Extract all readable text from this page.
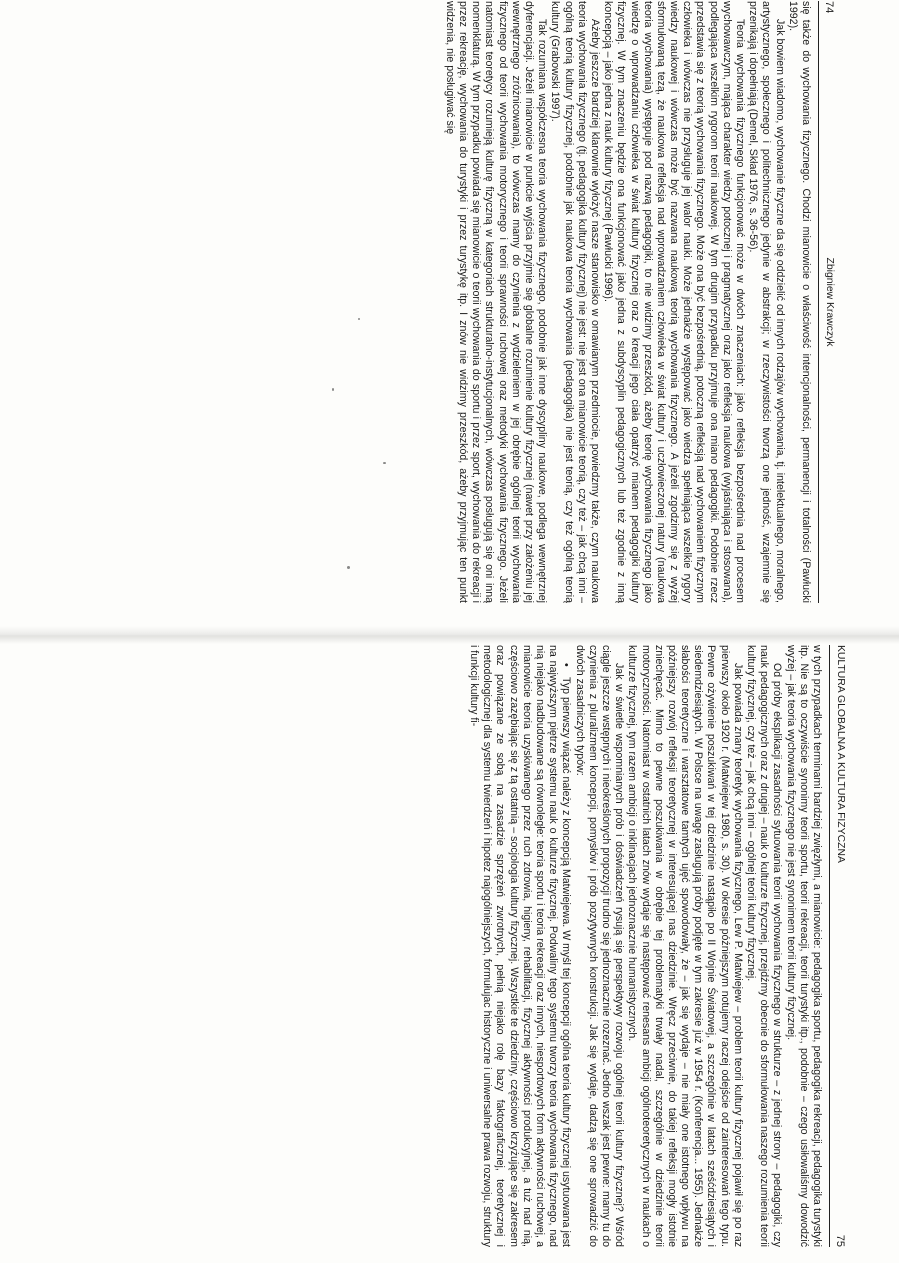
74
Zbigniew Krawczyk

się także do wychowania fizycznego. Chodzi mianowicie o właściwość intencjonalności, permanencji i totalności (Pawłucki 1992).

Jak bowiem wiadomo, wychowanie fizyczne da się oddzielić od innych rodzajów wychowania, tj. intelektualnego, moralnego, artystycznego, społecznego i politechnicznego jedynie w abstrakcji; w rzeczywistości tworzą one jedność, wzajemnie się przenikają i dopełniają (Demel, Skład 1976, s. 36-56).

Teoria wychowania fizycznego funkcjonować może w dwóch znaczeniach: jako refleksja bezpośrednia nad procesem wychowawczym, mająca charakter wiedzy potocznej i pragmatycznej oraz jako refleksja naukowa (wyjaśniająca i stosowana), podlegająca wszelkim rygorom teorii naukowej. W tym drugim przypadku przyjmuje ona miano pedagogiki. Podobnie rzecz przedstawia się z teorią wychowania fizycznego. Może ona być bezpośrednią, potoczną refleksją nad wychowaniem fizycznym człowieka i wówczas nie przysługuje jej walor nauki. Może jednakże występować jako wiedza spełniająca wszelkie rygory wiedzy naukowej i wówczas może być nazwana naukową teorią wychowania fizycznego. A jeżeli zgodzimy się z wyżej sformułowaną tezą, że naukowa refleksja nad wprowadzaniem człowieka w świat kultury i uczłowieczonej natury (naukowa teoria wychowania) występuje pod nazwą pedagogiki, to nie widzimy przeszkód, ażeby teorię wychowania fizycznego jako wiedzę o wprowadzaniu człowieka w świat kultury fizycznej oraz o kreacji jego ciała opatrzyć mianem pedagogiki kultury fizycznej. W tym znaczeniu będzie ona funkcjonować jako jedna z subdyscyplin pedagogicznych lub też zgodnie z inną koncepcją – jako jedna z nauk kultury fizycznej (Pawłucki 1996).

Ażeby jeszcze bardziej klarownie wyłożyć nasze stanowisko w omawianym przedmiocie, powiedzmy także, czym naukowa teoria wychowania fizycznego (tj. pedagogika kultury fizycznej) nie jest: nie jest ona mianowicie teorią, czy też – jak chcą inni – ogólną teorią kultury fizycznej, podobnie jak naukowa teoria wychowania (pedagogika) nie jest teorią, czy też ogólną teorią kultury (Grabowski 1997).

Tak rozumiana współczesna teoria wychowania fizycznego, podobnie jak inne dyscypliny naukowe, podlega wewnętrznej dyferencjacji. Jeżeli mianowicie w punkcie wyjścia przyjmie się globalne rozumienie kultury fizycznej (nawet przy założeniu jej wewnętrznego zróżnicowania), to wówczas mamy do czynienia z wydzieleniem w jej obrębie ogólnej teorii wychowania fizycznego od teorii wychowania motorycznego i teorii sprawności ruchowej oraz metodyki wychowania fizycznego. Jeżeli natomiast teoretycy rozumieją kulturę fizyczną w kategoriach strukturalno-instytucjonalnych, wówczas posługują się oni inną nomenklaturą. W tym przypadku powiada się mianowicie o teorii wychowania do sportu i przez sport, wychowania do rekreacji i przez rekreację, wychowania do turystyki i przez turystykę itp. I znów nie widzimy przeszkód, ażeby przyjmując ten punkt widzenia, nie posługiwać się

KULTURA GLOBALNA A KULTURA FIZYCZNA
75

w tych przypadkach terminami bardziej zwięzłymi, a mianowicie: pedagogika sportu, pedagogika rekreacji, pedagogika turystyki itp. Nie są to oczywiście synonimy teorii sportu, teorii rekreacji, teorii turystyki itp., podobnie – czego usiłowaliśmy dowodzić wyżej – jak teoria wychowania fizycznego nie jest synonimem teorii kultury fizycznej.

Od próby eksplikacji zasadności sytuowania teorii wychowania fizycznego w strukturze – z jednej strony – pedagogiki, czy nauk pedagogicznych oraz z drugiej – nauk o kulturze fizycznej, przejdźmy obecnie do sformułowania naszego rozumienia teorii kultury fizycznej, czy też – jak chcą inni – ogólnej teorii kultury fizycznej.

Jak powiada znany teoretyk wychowania fizycznego, Lew P. Matwiejew – problem teorii kultury fizycznej pojawił się po raz pierwszy około 1920 r. (Matwiejew 1980, s. 30). W okresie późniejszym notujemy raczej odejście od zainteresowań tego typu. Pewne ożywienie poszukiwań w tej dziedzinie nastąpiło po II Wojnie Światowej, a szczególnie w latach sześćdziesiątych i siedemdziesiątych. W Polsce na uwagę zasługują próby podjęte w tym zakresie już w 1954 r. (Konferencja... 1955). Jednakże słabości teoretyczne i warsztatowe tamtych ujęć spowodowały, że – jak się wydaje – nie miały one istotnego wpływu na późniejszy rozwój refleksji teoretycznej w interesującej nas dziedzinie. Wręcz przeciwnie, do takiej refleksji mogły istotnie zniechęcać. Mimo to pewne poszukiwania w obrębie tej problematyki trwały nadal, szczególnie w dziedzinie teorii motoryczności. Natomiast w ostatnich latach znów wydaje się następować renesans ambicji ogólnoteoretycznych w naukach o kulturze fizycznej, tym razem ambicji o inklinacjach jednoznacznie humanistycznych.

Jak w świetle wspomnianych prób i doświadczeń rysują się perspektywy rozwoju ogólnej teorii kultury fizycznej? Wśród ciągle jeszcze wstępnych i nieokreślonych propozycji trudno się jednoznacznie rozeznać. Jedno wszak jest pewne: mamy tu do czynienia z pluralizmem koncepcji, pomysłów i prób pozytywnych konstrukcji. Jak się wydaje, dadzą się one sprowadzić do dwóch zasadniczych typów:

•Typ pierwszy wiązać należy z koncepcją Matwiejewa. W myśl tej koncepcji ogólna teoria kultury fizycznej usytuowana jest na najwyższym piętrze systemu nauk o kulturze fizycznej. Podwaliny tego systemu tworzy teoria wychowania fizycznego, nad nią niejako nadbudowane są równoległe: teoria sportu i teoria rekreacji oraz innych, niesportowych form aktywności ruchowej, a mianowicie teoria uzyskiwanego przez ruch zdrowia, higieny, rehabilitacji, fizycznej aktywności produkcyjnej, a tuż nad nią, częściowo zazębiając się z tą ostatnią – socjologia kultury fizycznej. Wszystkie te dziedziny, częściowo krzyżujące się zakresem oraz powiązane ze sobą na zasadzie sprzężeń zwrotnych, pełnią niejako rolę bazy faktograficznej, teoretycznej i metodologicznej dla systemu twierdzeń i hipotez najogólniejszych, formułujac historyczne i uniwersalne prawa rozwoju, struktury i funkcji kultury fi-
